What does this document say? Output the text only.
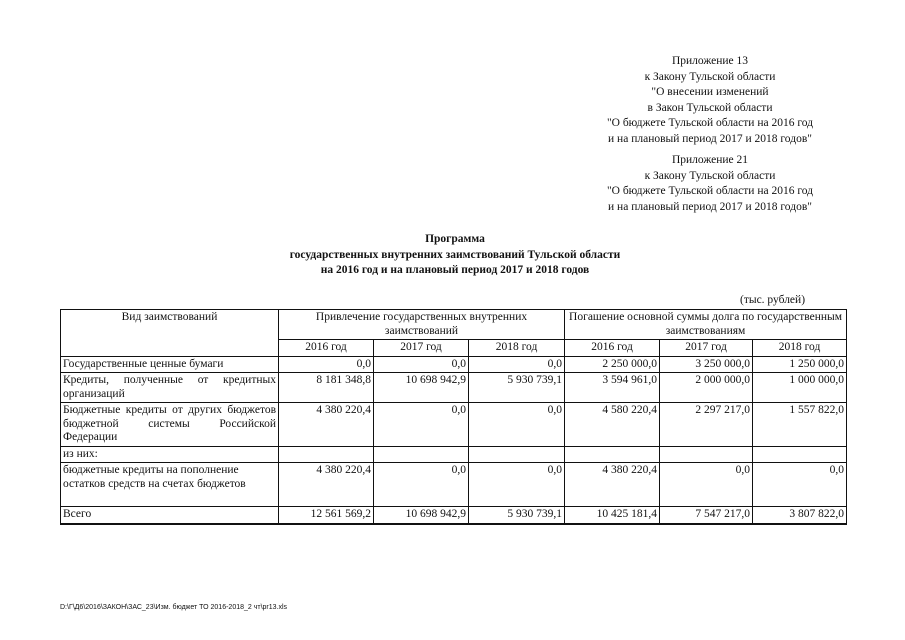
Приложение 13
к Закону Тульской области
"О внесении изменений
в Закон Тульской области
"О бюджете Тульской области на 2016 год
и на плановый период 2017 и 2018 годов"
Приложение 21
к Закону Тульской области
"О бюджете Тульской области на 2016 год
и на плановый период 2017 и 2018 годов"
Программа
государственных внутренних заимствований Тульской области
на 2016 год и на плановый период 2017 и 2018 годов
(тыс. рублей)
Вид заимствований	Привлечение государственных внутренних заимствований			Погашение основной суммы долга по государственным заимствованиям		
	2016 год	2017 год	2018 год	2016 год	2017 год	2018 год
Государственные ценные бумаги	0,0	0,0	0,0	2 250 000,0	3 250 000,0	1 250 000,0
Кредиты, полученные от кредитных организаций	8 181 348,8	10 698 942,9	5 930 739,1	3 594 961,0	2 000 000,0	1 000 000,0
Бюджетные кредиты от других бюджетов бюджетной системы Российской Федерации	4 380 220,4	0,0	0,0	4 580 220,4	2 297 217,0	1 557 822,0
из них:						
бюджетные кредиты на пополнение остатков средств на счетах бюджетов	4 380 220,4	0,0	0,0	4 380 220,4	0,0	0,0
Всего	12 561 569,2	10 698 942,9	5 930 739,1	10 425 181,4	7 547 217,0	3 807 822,0
D:\Г\Д6\2016\ЗАКОН\ЗАС_23\Изм. бюджет ТО 2016-2018_2 чт\pr13.xls
